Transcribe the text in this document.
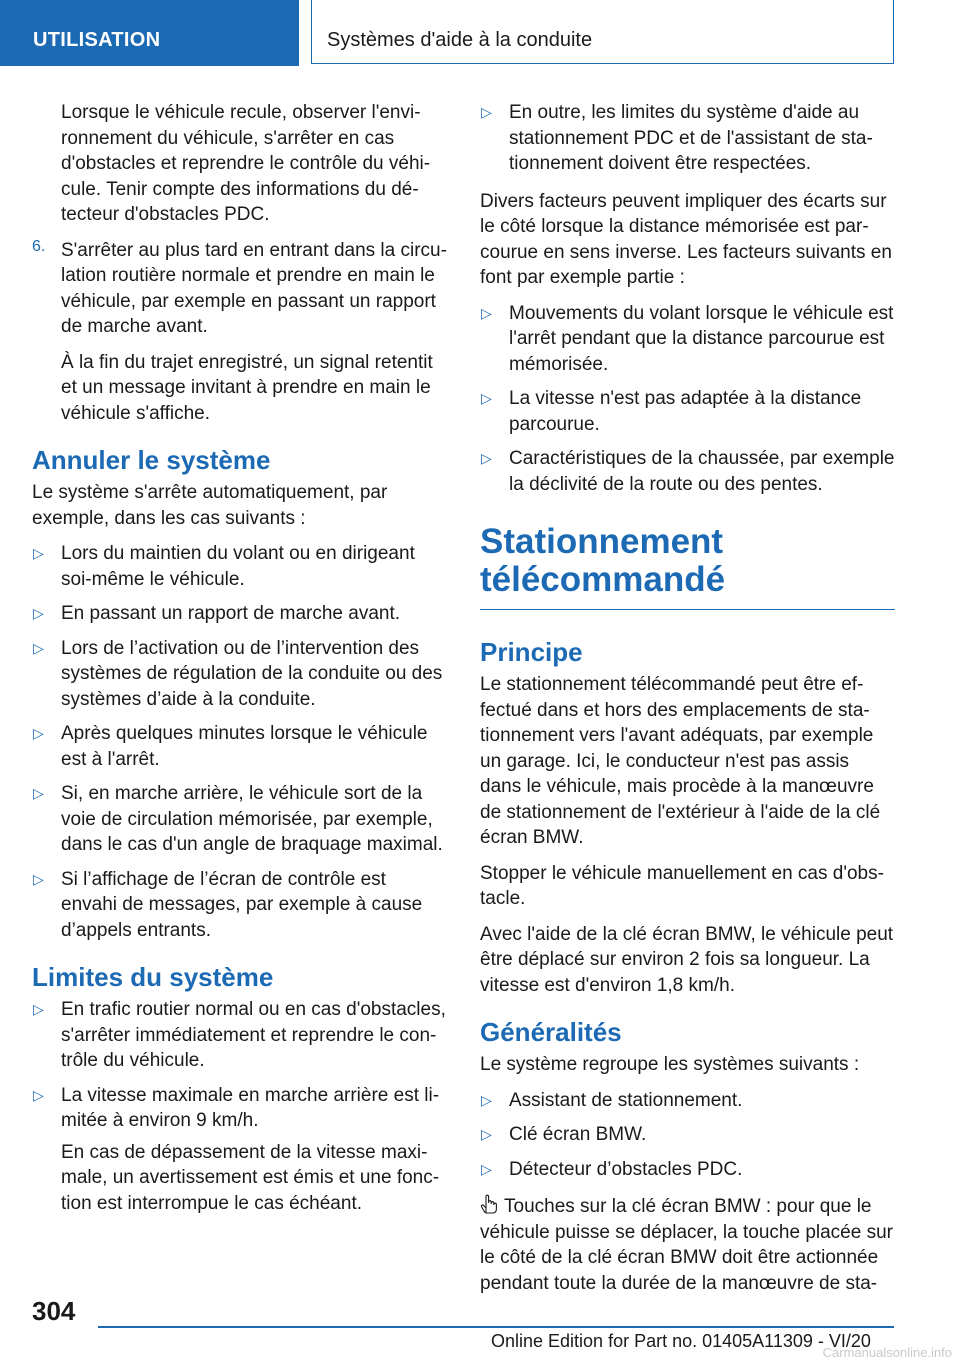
UTILISATION	Systèmes d'aide à la conduite

Lorsque le véhicule recule, observer l'environnement du véhicule, s'arrêter en cas d'obstacles et reprendre le contrôle du véhicule. Tenir compte des informations du détecteur d'obstacles PDC.

6. S'arrêter au plus tard en entrant dans la circulation routière normale et prendre en main le véhicule, par exemple en passant un rapport de marche avant.

À la fin du trajet enregistré, un signal retentit et un message invitant à prendre en main le véhicule s'affiche.

Annuler le système

Le système s'arrête automatiquement, par exemple, dans les cas suivants :

▷ Lors du maintien du volant ou en dirigeant soi-même le véhicule.
▷ En passant un rapport de marche avant.
▷ Lors de l’activation ou de l’intervention des systèmes de régulation de la conduite ou des systèmes d’aide à la conduite.
▷ Après quelques minutes lorsque le véhicule est à l'arrêt.
▷ Si, en marche arrière, le véhicule sort de la voie de circulation mémorisée, par exemple, dans le cas d'un angle de braquage maximal.
▷ Si l’affichage de l’écran de contrôle est envahi de messages, par exemple à cause d’appels entrants.
Limites du système
▷ En trafic routier normal ou en cas d'obstacles, s'arrêter immédiatement et reprendre le contrôle du véhicule.
▷ La vitesse maximale en marche arrière est limitée à environ 9 km/h.

En cas de dépassement de la vitesse maximale, un avertissement est émis et une fonction est interrompue le cas échéant.

▷ En outre, les limites du système d'aide au stationnement PDC et de l'assistant de stationnement doivent être respectées.

Divers facteurs peuvent impliquer des écarts sur le côté lorsque la distance mémorisée est parcourue en sens inverse. Les facteurs suivants en font par exemple partie :

▷ Mouvements du volant lorsque le véhicule est l'arrêt pendant que la distance parcourue est mémorisée.
▷ La vitesse n'est pas adaptée à la distance parcourue.
▷ Caractéristiques de la chaussée, par exemple la déclivité de la route ou des pentes.
Stationnement télécommandé
Principe

Le stationnement télécommandé peut être effectué dans et hors des emplacements de stationnement vers l'avant adéquats, par exemple un garage. Ici, le conducteur n'est pas assis dans le véhicule, mais procède à la manœuvre de stationnement de l'extérieur à l'aide de la clé écran BMW.

Stopper le véhicule manuellement en cas d'obstacle.

Avec l'aide de la clé écran BMW, le véhicule peut être déplacé sur environ 2 fois sa longueur. La vitesse est d'environ 1,8 km/h.

Généralités

Le système regroupe les systèmes suivants :

▷ Assistant de stationnement.
▷ Clé écran BMW.
▷ Détecteur d’obstacles PDC.

Touches sur la clé écran BMW : pour que le véhicule puisse se déplacer, la touche placée sur le côté de la clé écran BMW doit être actionnée pendant toute la durée de la manœuvre de sta-

304
Online Edition for Part no. 01405A11309 - VI/20
Carmanualsonline.info
